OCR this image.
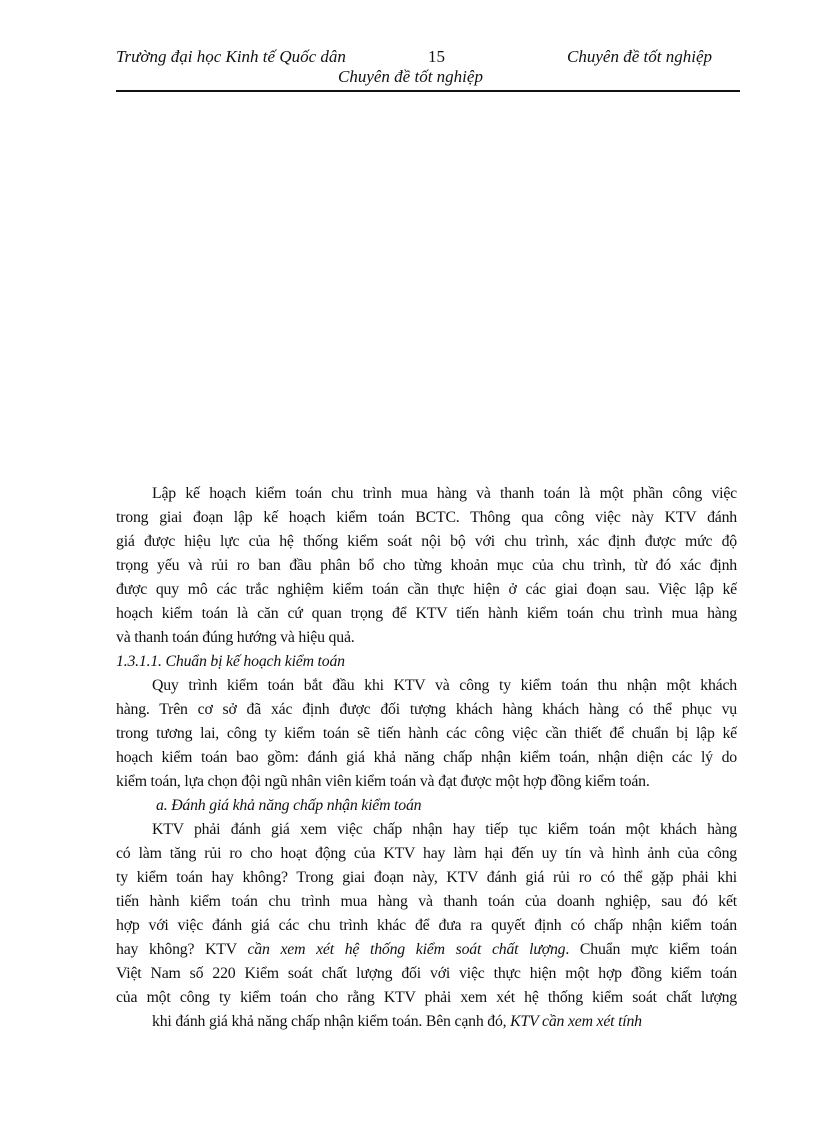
Trường đại học Kinh tế Quốc dân	15	Chuyên đề tốt nghiệp
Chuyên đề tốt nghiệp
Lập kế hoạch kiểm toán chu trình mua hàng và thanh toán là một phần công việc
trong giai đoạn lập kế hoạch kiểm toán BCTC. Thông qua công việc này KTV đánh
giá được hiệu lực của hệ thống kiểm soát nội bộ với chu trình, xác định được mức độ
trọng yếu và rủi ro ban đầu phân bổ cho từng khoản mục của chu trình, từ đó xác định
được quy mô các trắc nghiệm kiểm toán cần thực hiện ở các giai đoạn sau. Việc lập kế
hoạch kiểm toán là căn cứ quan trọng để KTV tiến hành kiểm toán chu trình mua hàng
và thanh toán đúng hướng và hiệu quả.
1.3.1.1. Chuẩn bị kế hoạch kiểm toán
Quy trình kiểm toán bắt đầu khi KTV và công ty kiểm toán thu nhận một khách
hàng. Trên cơ sở đã xác định được đối tượng khách hàng khách hàng có thể phục vụ
trong tương lai, công ty kiểm toán sẽ tiến hành các công việc cần thiết để chuẩn bị lập kế
hoạch kiểm toán bao gồm: đánh giá khả năng chấp nhận kiểm toán, nhận diện các lý do
kiểm toán, lựa chọn đội ngũ nhân viên kiểm toán và đạt được một hợp đồng kiểm toán.
a. Đánh giá khả năng chấp nhận kiểm toán
KTV phải đánh giá xem việc chấp nhận hay tiếp tục kiểm toán một khách hàng
có làm tăng rủi ro cho hoạt động của KTV hay làm hại đến uy tín và hình ảnh của công
ty kiểm toán hay không? Trong giai đoạn này, KTV đánh giá rủi ro có thể gặp phải khi
tiến hành kiểm toán chu trình mua hàng và thanh toán của doanh nghiệp, sau đó kết
hợp với việc đánh giá các chu trình khác để đưa ra quyết định có chấp nhận kiểm toán
hay không? KTV cần xem xét hệ thống kiểm soát chất lượng. Chuẩn mực kiểm toán
Việt Nam số 220 Kiểm soát chất lượng đối với việc thực hiện một hợp đồng kiểm toán
của một công ty kiểm toán cho rằng KTV phải xem xét hệ thống kiểm soát chất lượng
khi đánh giá khả năng chấp nhận kiểm toán. Bên cạnh đó, KTV cần xem xét tính
